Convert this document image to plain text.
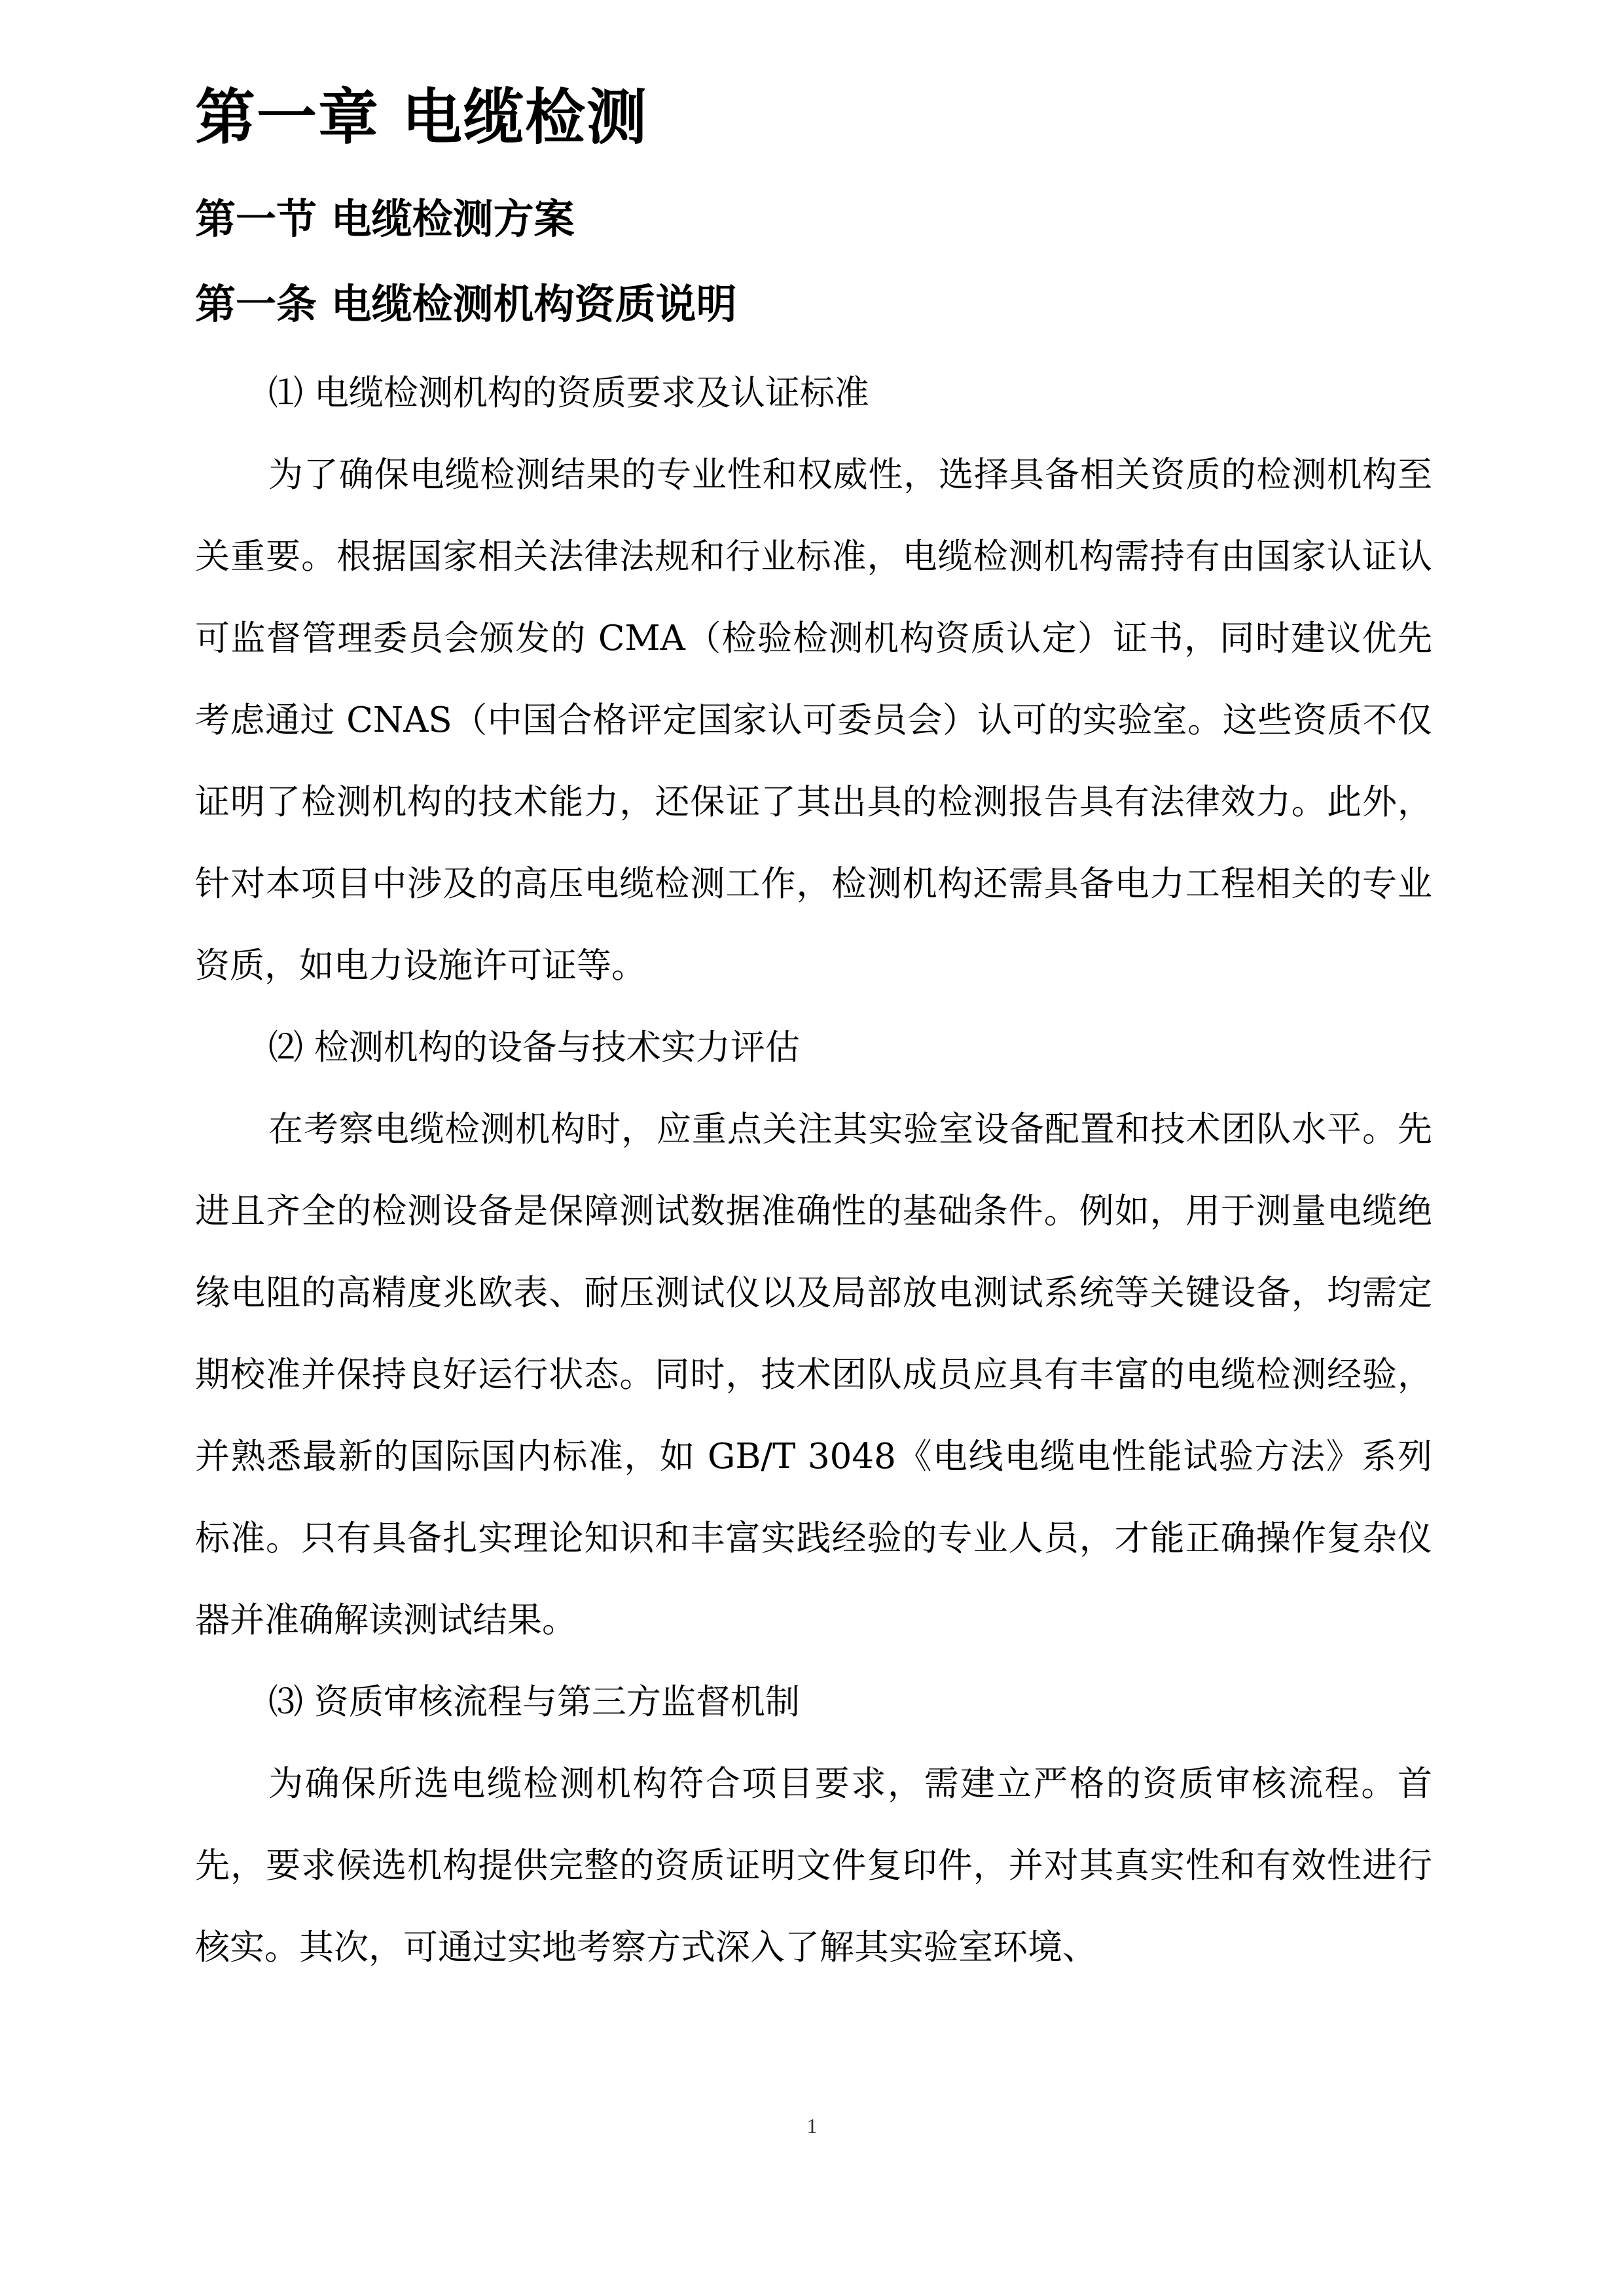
第一章 电缆检测
第一节 电缆检测方案
第一条 电缆检测机构资质说明

⑴ 电缆检测机构的资质要求及认证标准

为了确保电缆检测结果的专业性和权威性，选择具备相关资质的检测机构至关重要。根据国家相关法律法规和行业标准，电缆检测机构需持有由国家认证认可监督管理委员会颁发的 CMA（检验检测机构资质认定）证书，同时建议优先考虑通过 CNAS（中国合格评定国家认可委员会）认可的实验室。这些资质不仅证明了检测机构的技术能力，还保证了其出具的检测报告具有法律效力。此外，针对本项目中涉及的高压电缆检测工作，检测机构还需具备电力工程相关的专业资质，如电力设施许可证等。

⑵ 检测机构的设备与技术实力评估

在考察电缆检测机构时，应重点关注其实验室设备配置和技术团队水平。先进且齐全的检测设备是保障测试数据准确性的基础条件。例如，用于测量电缆绝缘电阻的高精度兆欧表、耐压测试仪以及局部放电测试系统等关键设备，均需定期校准并保持良好运行状态。同时，技术团队成员应具有丰富的电缆检测经验，并熟悉最新的国际国内标准，如 GB/T 3048《电线电缆电性能试验方法》系列标准。只有具备扎实理论知识和丰富实践经验的专业人员，才能正确操作复杂仪器并准确解读测试结果。

⑶ 资质审核流程与第三方监督机制

为确保所选电缆检测机构符合项目要求，需建立严格的资质审核流程。首先，要求候选机构提供完整的资质证明文件复印件，并对其真实性和有效性进行核实。其次，可通过实地考察方式深入了解其实验室环境、

1
